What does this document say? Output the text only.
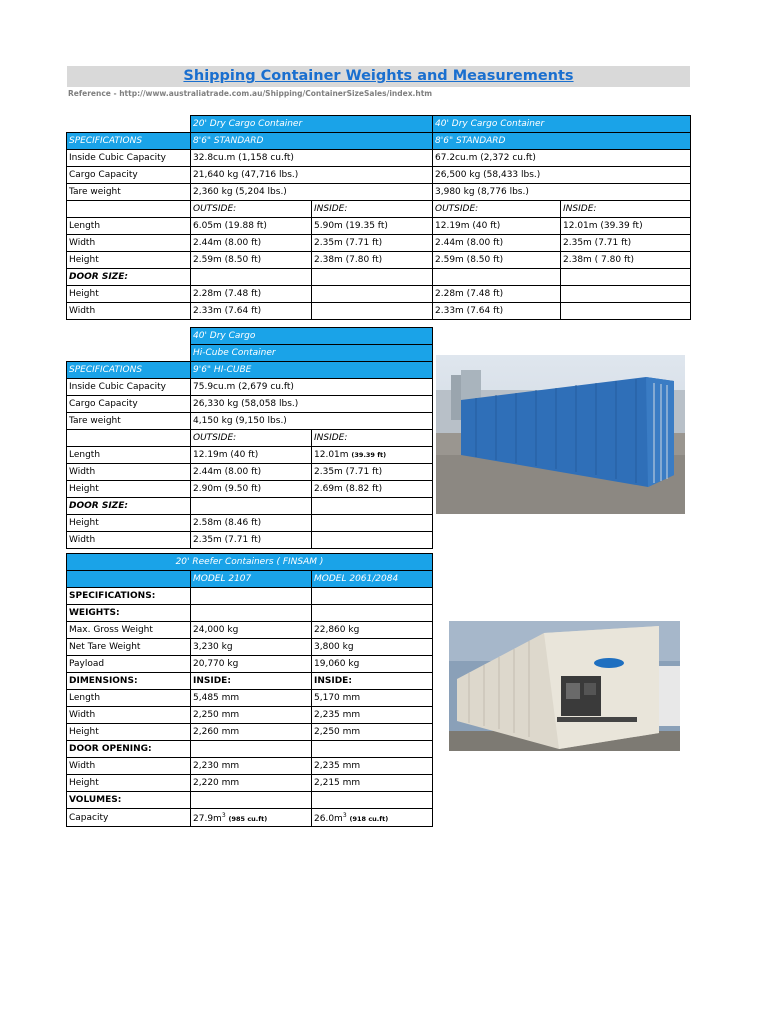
Shipping Container Weights and Measurements
Reference - http://www.australiatrade.com.au/Shipping/ContainerSizeSales/index.htm
	20' Dry Cargo Container		40' Dry Cargo Container	
SPECIFICATIONS	8'6" STANDARD		8'6" STANDARD	
Inside Cubic Capacity	32.8cu.m (1,158 cu.ft)		67.2cu.m (2,372 cu.ft)	
Cargo Capacity	21,640 kg (47,716 lbs.)		26,500 kg (58,433 lbs.)	
Tare weight	2,360 kg (5,204 lbs.)		3,980 kg (8,776 lbs.)	
	OUTSIDE:	INSIDE:	OUTSIDE:	INSIDE:
Length	6.05m (19.88 ft)	5.90m (19.35 ft)	12.19m (40 ft)	12.01m (39.39 ft)
Width	2.44m (8.00 ft)	2.35m (7.71 ft)	2.44m (8.00 ft)	2.35m (7.71 ft)
Height	2.59m (8.50 ft)	2.38m (7.80 ft)	2.59m (8.50 ft)	2.38m ( 7.80 ft)
DOOR SIZE:				
Height	2.28m (7.48 ft)		2.28m (7.48 ft)	
Width	2.33m (7.64 ft)		2.33m (7.64 ft)	
	40' Dry Cargo	
	Hi-Cube Container	
SPECIFICATIONS	9'6" HI-CUBE	
Inside Cubic Capacity	75.9cu.m (2,679 cu.ft)	
Cargo Capacity	26,330 kg (58,058 lbs.)	
Tare weight	4,150 kg (9,150 lbs.)	
	OUTSIDE:	INSIDE:
Length	12.19m (40 ft)	12.01m (39.39 ft)
Width	2.44m (8.00 ft)	2.35m (7.71 ft)
Height	2.90m (9.50 ft)	2.69m (8.82 ft)
DOOR SIZE:		
Height	2.58m (8.46 ft)	
Width	2.35m (7.71 ft)	
20' Reefer Containers ( FINSAM )		
	MODEL 2107	MODEL 2061/2084
SPECIFICATIONS:		
WEIGHTS:		
Max. Gross Weight	24,000 kg	22,860 kg
Net Tare Weight	3,230 kg	3,800 kg
Payload	20,770 kg	19,060 kg
DIMENSIONS:	INSIDE:	INSIDE:
Length	5,485 mm	5,170 mm
Width	2,250 mm	2,235 mm
Height	2,260 mm	2,250 mm
DOOR OPENING:		
Width	2,230 mm	2,235 mm
Height	2,220 mm	2,215 mm
VOLUMES:		
Capacity	$27.9m^3$ (985 cu.ft)	$26.0m^3$ (918 cu.ft)
